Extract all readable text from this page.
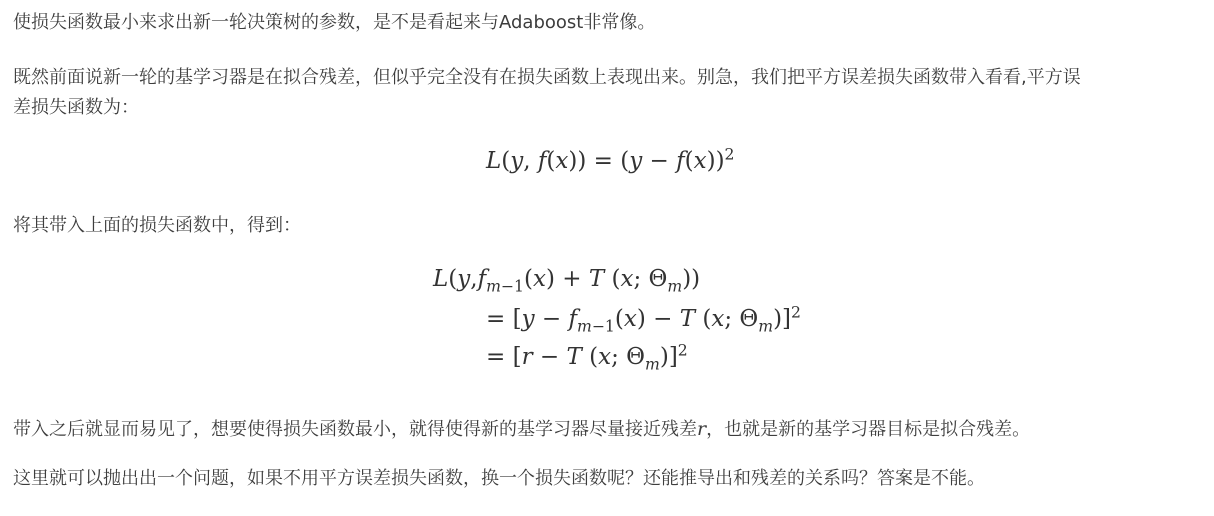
使损失函数最小来求出新一轮决策树的参数，是不是看起来与Adaboost非常像。

既然前面说新一轮的基学习器是在拟合残差，但似乎完全没有在损失函数上表现出来。别急，我们把平方误差损失函数带入看看,平方误

差损失函数为：

L(y, $f(x)) = (y - f(x))^2$

将其带入上面的损失函数中，得到：

$L(y,f_{m-1}(x) + T$ (x; $\Theta_m$))
= [$y - f_{m-1}(x) - T$ (x; $\Theta_m)]^2$
= [r − T (x; $\Theta_m)]^2$

带入之后就显而易见了，想要使得损失函数最小，就得使得新的基学习器尽量接近残差r，也就是新的基学习器目标是拟合残差。

这里就可以抛出出一个问题，如果不用平方误差损失函数，换一个损失函数呢？还能推导出和残差的关系吗？答案是不能。
